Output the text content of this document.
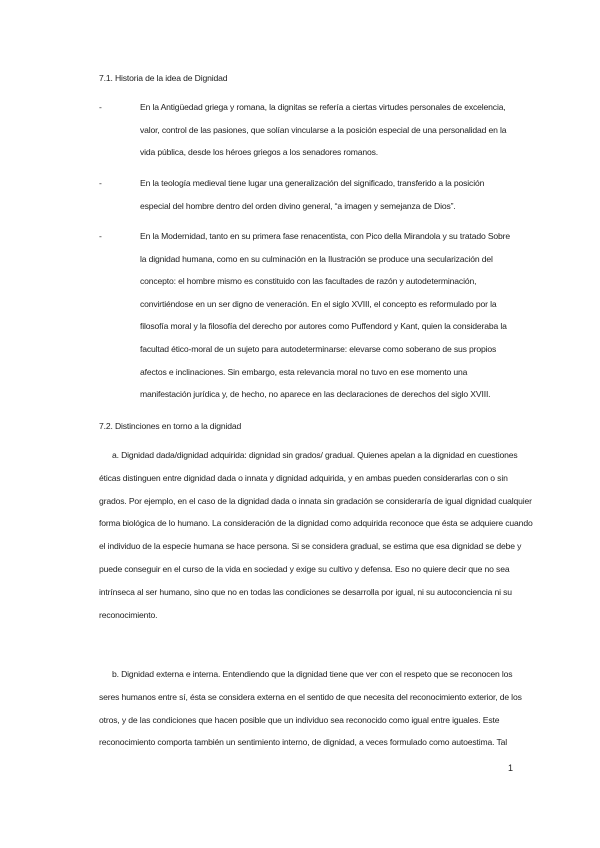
7.1. Historia de la idea de Dignidad
-	En la Antigüedad griega y romana, la dignitas se refería a ciertas virtudes personales de excelencia,
valor, control de las pasiones, que solían vincularse a la posición especial de una personalidad en la
vida pública, desde los héroes griegos a los senadores romanos.
-	En la teología medieval tiene lugar una generalización del significado, transferido a la posición
especial del hombre dentro del orden divino general, “a imagen y semejanza de Dios”.
-	En la Modernidad, tanto en su primera fase renacentista, con Pico della Mirandola y su tratado Sobre
la dignidad humana, como en su culminación en la Ilustración se produce una secularización del
concepto: el hombre mismo es constituido con las facultades de razón y autodeterminación,
convirtiéndose en un ser digno de veneración. En el siglo XVIII, el concepto es reformulado por la
filosofía moral y la filosofía del derecho por autores como Puffendord y Kant, quien la consideraba la
facultad ético-moral de un sujeto para autodeterminarse: elevarse como soberano de sus propios
afectos e inclinaciones. Sin embargo, esta relevancia moral no tuvo en ese momento una
manifestación jurídica y, de hecho, no aparece en las declaraciones de derechos del siglo XVIII.
7.2. Distinciones en torno a la dignidad
a. Dignidad dada/dignidad adquirida: dignidad sin grados/ gradual. Quienes apelan a la dignidad en cuestiones
éticas distinguen entre dignidad dada o innata y dignidad adquirida, y en ambas pueden considerarlas con o sin
grados. Por ejemplo, en el caso de la dignidad dada o innata sin gradación se consideraría de igual dignidad cualquier
forma biológica de lo humano. La consideración de la dignidad como adquirida reconoce que ésta se adquiere cuando
el individuo de la especie humana se hace persona. Si se considera gradual, se estima que esa dignidad se debe y
puede conseguir en el curso de la vida en sociedad y exige su cultivo y defensa. Eso no quiere decir que no sea
intrínseca al ser humano, sino que no en todas las condiciones se desarrolla por igual, ni su autoconciencia ni su
reconocimiento.
b. Dignidad externa e interna. Entendiendo que la dignidad tiene que ver con el respeto que se reconocen los
seres humanos entre sí, ésta se considera externa en el sentido de que necesita del reconocimiento exterior, de los
otros, y de las condiciones que hacen posible que un individuo sea reconocido como igual entre iguales. Este
reconocimiento comporta también un sentimiento interno, de dignidad, a veces formulado como autoestima. Tal
1
